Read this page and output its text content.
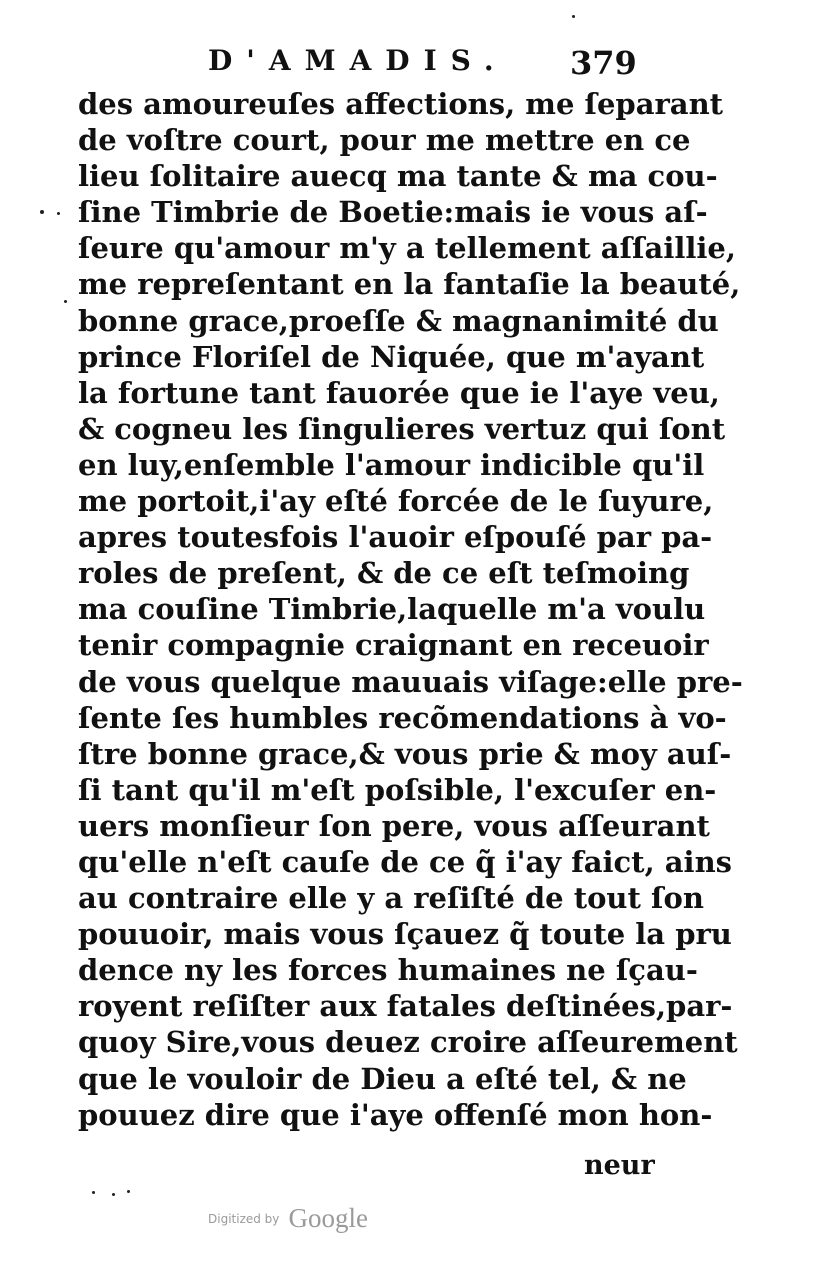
D'AMADIS. 379
des amoureuſes affections, me ſeparant
de voſtre court, pour me mettre en ce
lieu ſolitaire auecq ma tante & ma cou-
ſine Timbrie de Boetie:mais ie vous aſ-
ſeure qu'amour m'y a tellement aſſaillie,
me repreſentant en la fantaſie la beauté,
bonne grace,proeſſe & magnanimité du
prince Floriſel de Niquée, que m'ayant
la fortune tant fauorée que ie l'aye veu,
& cogneu les ſingulieres vertuz qui ſont
en luy,enſemble l'amour indicible qu'il
me portoit,i'ay eſté forcée de le ſuyure,
apres toutesfois l'auoir eſpouſé par pa-
roles de preſent, & de ce eſt teſmoing
ma couſine Timbrie,laquelle m'a voulu
tenir compagnie craignant en receuoir
de vous quelque mauuais viſage:elle pre-
ſente ſes humbles recõmendations à vo-
ſtre bonne grace,& vous prie & moy auſ-
ſi tant qu'il m'eſt poſsible, l'excuſer en-
uers monſieur ſon pere, vous aſſeurant
qu'elle n'eſt cauſe de ce q̃ i'ay faict, ains
au contraire elle y a reſiſté de tout ſon
pouuoir, mais vous ſçauez q̃ toute la pru
dence ny les forces humaines ne ſçau-
royent reſiſter aux fatales deſtinées,par-
quoy Sire,vous deuez croire aſſeurement
que le vouloir de Dieu a eſté tel, & ne
pouuez dire que i'aye offenſé mon hon-
neur
Digitized by Google
